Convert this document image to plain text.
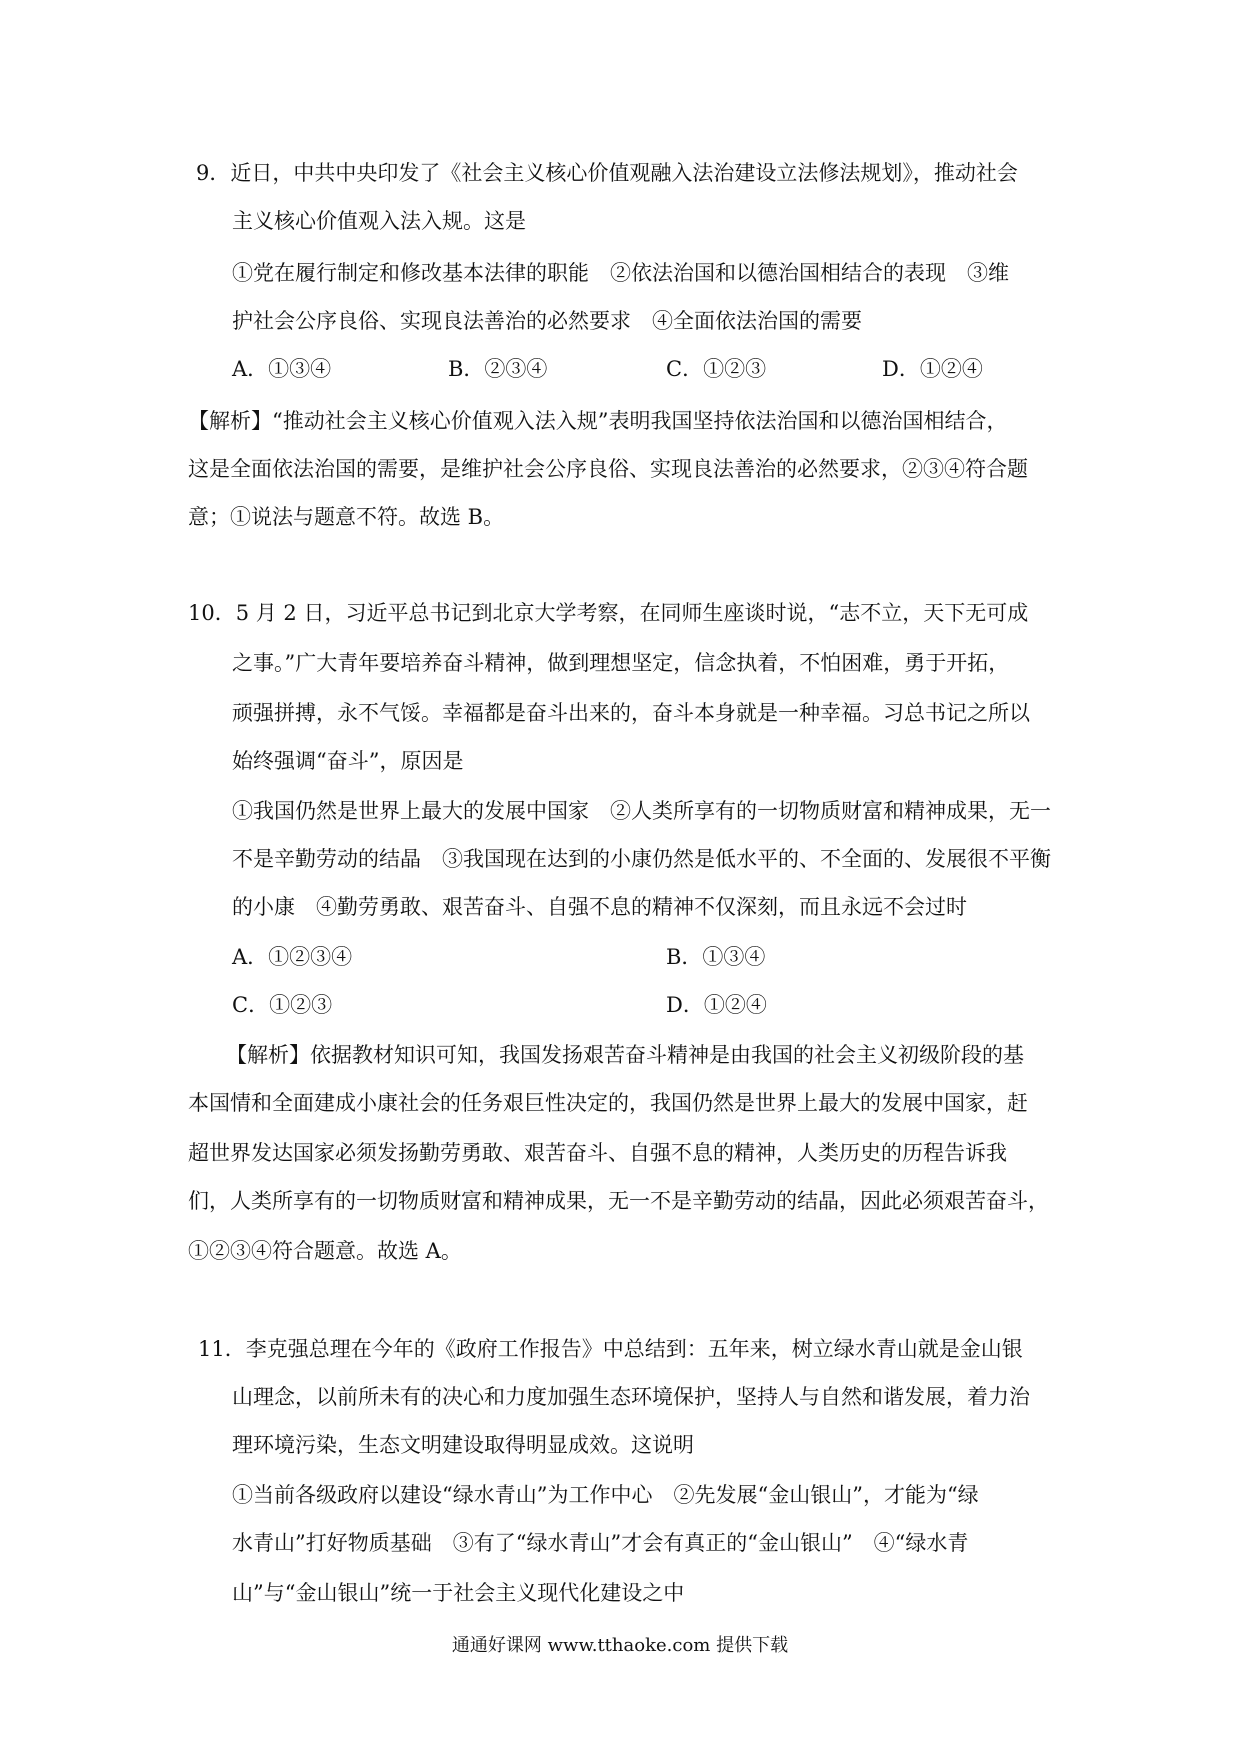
9．近日，中共中央印发了《社会主义核心价值观融入法治建设立法修法规划》，推动社会
主义核心价值观入法入规。这是
①党在履行制定和修改基本法律的职能　②依法治国和以德治国相结合的表现　③维
护社会公序良俗、实现良法善治的必然要求　④全面依法治国的需要
A．①③④	B．②③④	C．①②③	D．①②④
【解析】“推动社会主义核心价值观入法入规”表明我国坚持依法治国和以德治国相结合，
这是全面依法治国的需要，是维护社会公序良俗、实现良法善治的必然要求，②③④符合题
意；①说法与题意不符。故选 B。
10．5 月 2 日，习近平总书记到北京大学考察，在同师生座谈时说，“志不立，天下无可成
之事。”广大青年要培养奋斗精神，做到理想坚定，信念执着，不怕困难，勇于开拓，
顽强拼搏，永不气馁。幸福都是奋斗出来的，奋斗本身就是一种幸福。习总书记之所以
始终强调“奋斗”，原因是
①我国仍然是世界上最大的发展中国家　②人类所享有的一切物质财富和精神成果，无一
不是辛勤劳动的结晶　③我国现在达到的小康仍然是低水平的、不全面的、发展很不平衡
的小康　④勤劳勇敢、艰苦奋斗、自强不息的精神不仅深刻，而且永远不会过时
A．①②③④	B．①③④
C．①②③	D．①②④
【解析】依据教材知识可知，我国发扬艰苦奋斗精神是由我国的社会主义初级阶段的基
本国情和全面建成小康社会的任务艰巨性决定的，我国仍然是世界上最大的发展中国家，赶
超世界发达国家必须发扬勤劳勇敢、艰苦奋斗、自强不息的精神，人类历史的历程告诉我
们，人类所享有的一切物质财富和精神成果，无一不是辛勤劳动的结晶，因此必须艰苦奋斗，
①②③④符合题意。故选 A。
11．李克强总理在今年的《政府工作报告》中总结到：五年来，树立绿水青山就是金山银
山理念，以前所未有的决心和力度加强生态环境保护，坚持人与自然和谐发展，着力治
理环境污染，生态文明建设取得明显成效。这说明
①当前各级政府以建设“绿水青山”为工作中心　②先发展“金山银山”，才能为“绿
水青山”打好物质基础　③有了“绿水青山”才会有真正的“金山银山”　④“绿水青
山”与“金山银山”统一于社会主义现代化建设之中
通通好课网 www.tthaoke.com 提供下载
